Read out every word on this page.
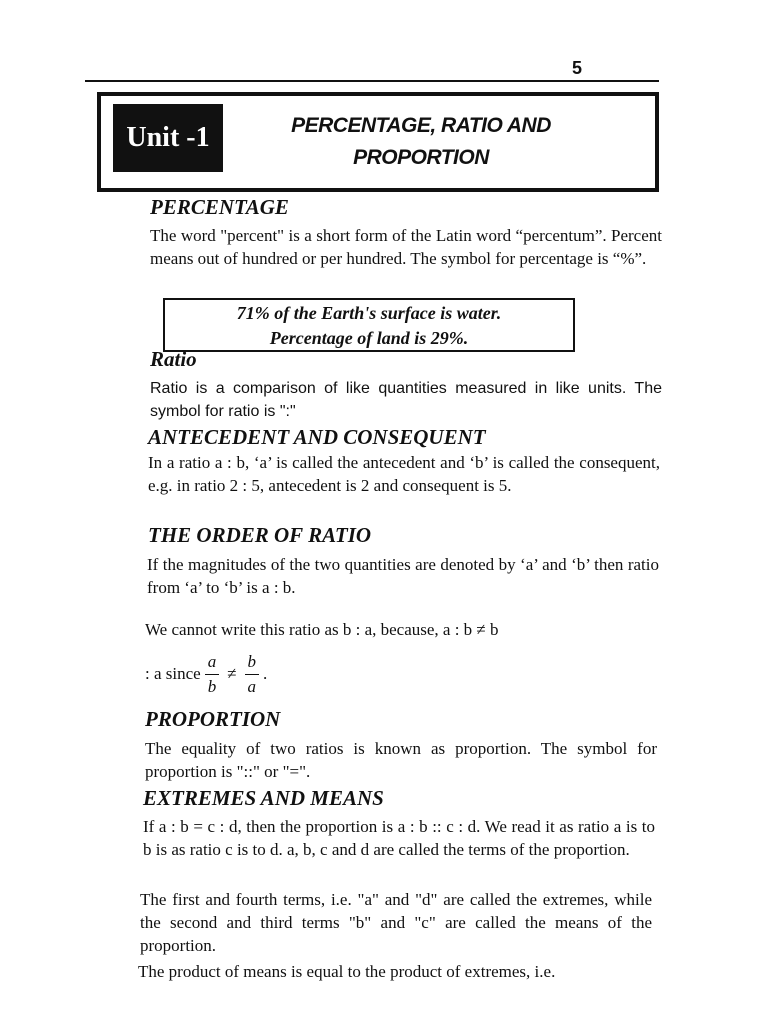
5
Unit -1	PERCENTAGE, RATIO AND
PROPORTION
PERCENTAGE
The word "percent" is a short form of the Latin word “percentum”. Percent means out of hundred or per hundred. The symbol for percentage is “%”.
71% of the Earth's surface is water.
Percentage of land is 29%.
Ratio
Ratio is a comparison of like quantities measured in like units. The symbol for ratio is ":"
ANTECEDENT AND CONSEQUENT
In a ratio a : b, ‘a’ is called the antecedent and ‘b’ is called the consequent, e.g. in ratio 2 : 5, antecedent is 2 and consequent is 5.
THE ORDER OF RATIO
If the magnitudes of the two quantities are denoted by ‘a’ and ‘b’ then ratio from ‘a’ to ‘b’ is a : b.
We cannot write this ratio as b : a, because, a : b ≠ b
: a since $\frac{a}{b} \ne \frac{b}{a}$ .
PROPORTION
The equality of two ratios is known as proportion. The symbol for proportion is "::" or "=".
EXTREMES AND MEANS
If a : b = c : d, then the proportion is a : b :: c : d. We read it as ratio a is to b is as ratio c is to d. a, b, c and d are called the terms of the proportion.
The first and fourth terms, i.e. "a" and "d" are called the extremes, while the second and third terms "b" and "c" are called the means of the proportion.
The product of means is equal to the product of extremes, i.e.
